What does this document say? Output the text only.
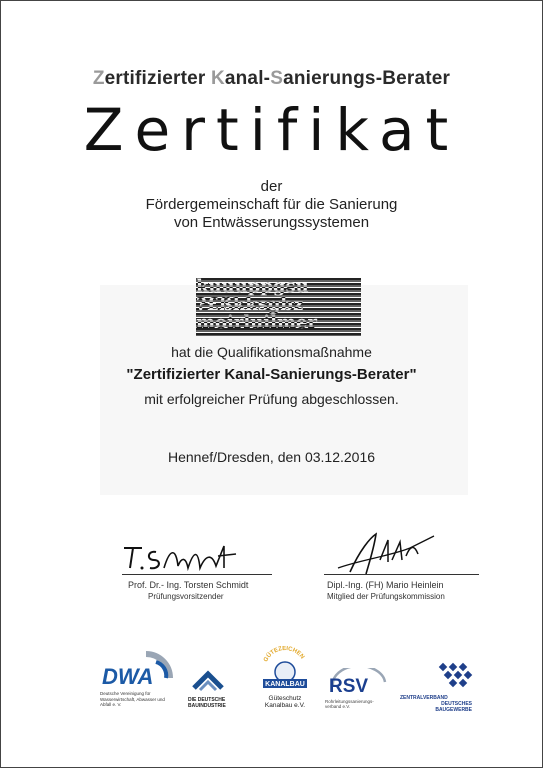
Zertifizierter Kanal-Sanierungs-Berater
Zertifikat
der
Fördergemeinschaft für die Sanierung
von Entwässerungssystemen
kuuuppgsu
?£ßkksgbz
moirluilmer
hat die Qualifikationsmaßnahme
"Zertifizierter Kanal-Sanierungs-Berater"
mit erfolgreicher Prüfung abgeschlossen.
Hennef/Dresden, den 03.12.2016
Prof. Dr.- Ing. Torsten Schmidt
Prüfungsvorsitzender
Dipl.-Ing. (FH) Mario Heinlein
Mitglied der Prüfungskommission
DWA
Deutsche Vereinigung für Wasserwirtschaft, Abwasser und Abfall e. V.
DIE DEUTSCHE
BAUINDUSTRIE
GÜTEZEICHEN
KANALBAU
Güteschutz
Kanalbau e.V.
RSV
Rohrleitungssanierungs-verband e.V.
ZENTRALVERBAND
DEUTSCHES
BAUGEWERBE
